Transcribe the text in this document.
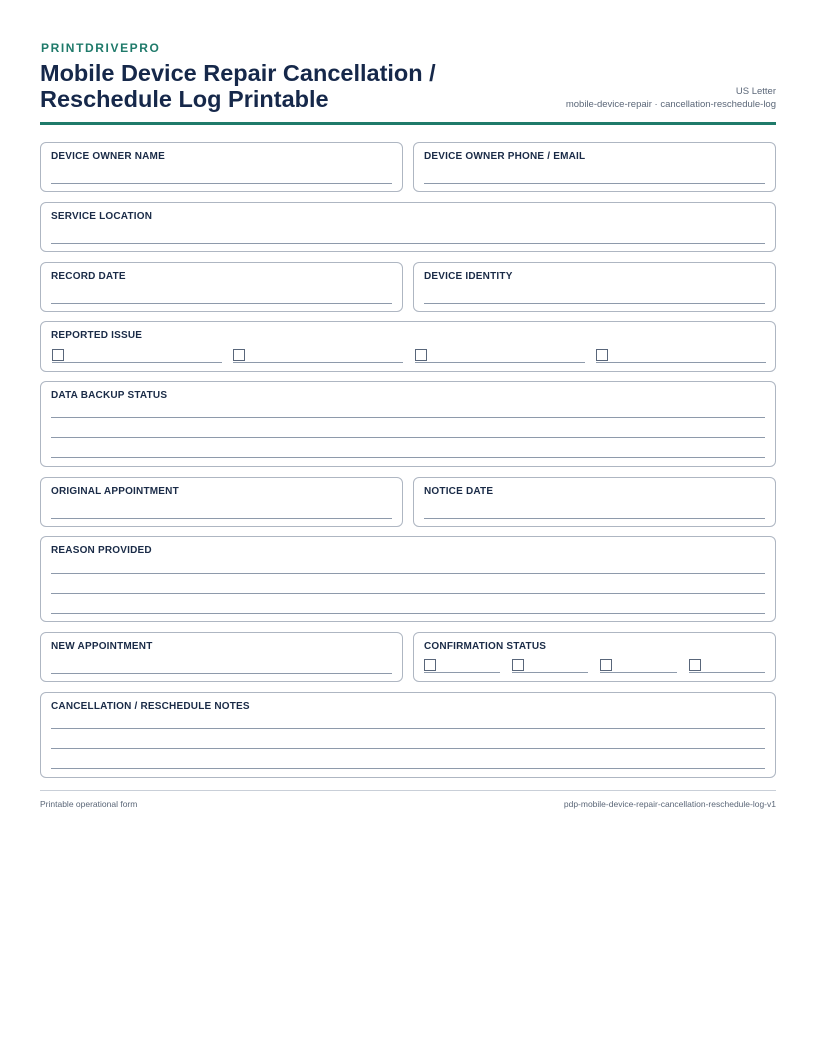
PRINTDRIVEPRO
Mobile Device Repair Cancellation /
Reschedule Log Printable	US Letter
mobile-device-repair · cancellation-reschedule-log
DEVICE OWNER NAME	DEVICE OWNER PHONE / EMAIL
SERVICE LOCATION
RECORD DATE	DEVICE IDENTITY
REPORTED ISSUE
DATA BACKUP STATUS
ORIGINAL APPOINTMENT	NOTICE DATE
REASON PROVIDED
NEW APPOINTMENT	CONFIRMATION STATUS
CANCELLATION / RESCHEDULE NOTES
Printable operational form	pdp-mobile-device-repair-cancellation-reschedule-log-v1
